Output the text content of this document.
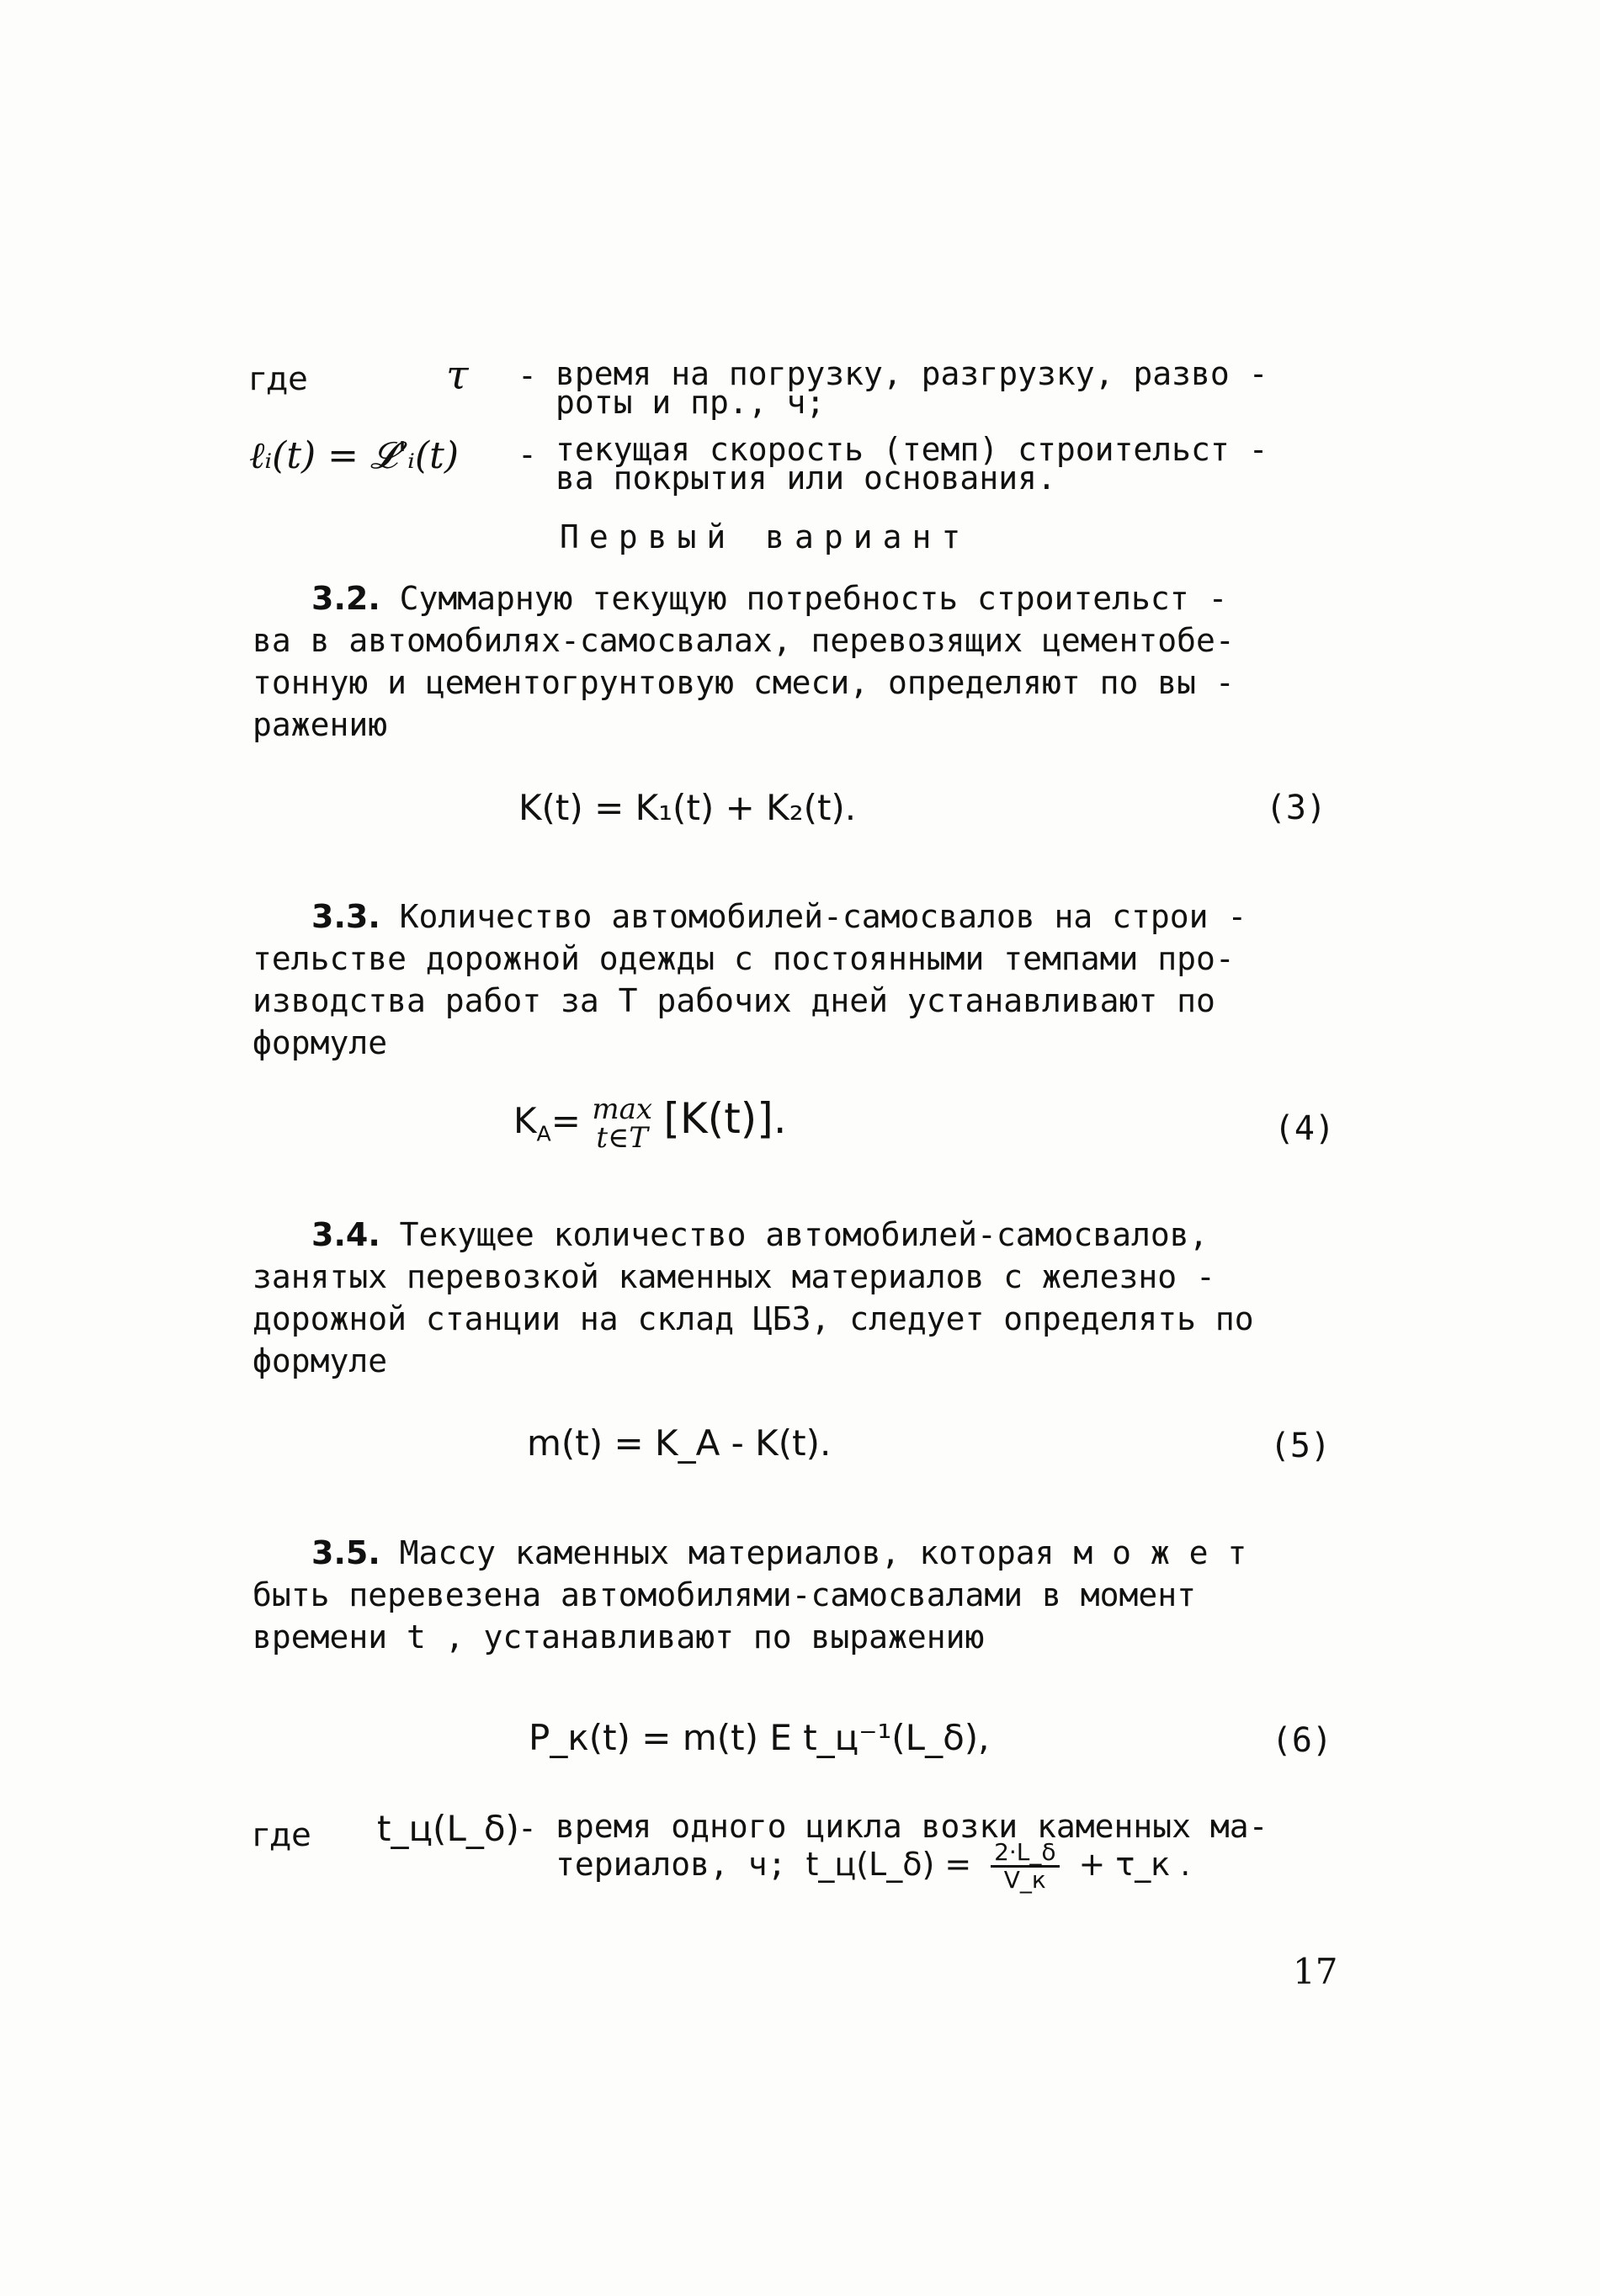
где	τ - время на погрузку, разгрузку, разво -
роты и пр., ч;
ℓᵢ(t) = 𝓛'ᵢ(t) - текущая скорость (темп) строительст -
ва покрытия или основания.
Первый вариант
3.2. Суммарную текущую потребность строительст -
ва в автомобилях-самосвалах, перевозящих цементобе-
тонную и цементогрунтовую смеси, определяют по вы -
ражению
K(t) = K₁(t) + K₂(t).	(3)
3.3. Количество автомобилей-самосвалов на строи -
тельстве дорожной одежды с постоянными темпами про-
изводства работ за T рабочих дней устанавливают по
формуле
$K_A= \max$
t∈T [K(t)].	(4)
3.4. Текущее количество автомобилей-самосвалов,
занятых перевозкой каменных материалов с железно -
дорожной станции на склад ЦБЗ, следует определять по
формуле
m(t) = K_A - K(t).	(5)
3.5. Массу каменных материалов, которая м о ж е т
быть перевезена автомобилями-самосвалами в момент
времени t , устанавливают по выражению
P_к(t) = m(t) E t_ц⁻¹(L_δ),	(6)
где t_ц(L_δ)
- время одного цикла возки каменных ма-
териалов, ч; t_ц(L_δ) = $\frac{2\cdot L\_\delta}{V\_к}$ + τ_к .
17
